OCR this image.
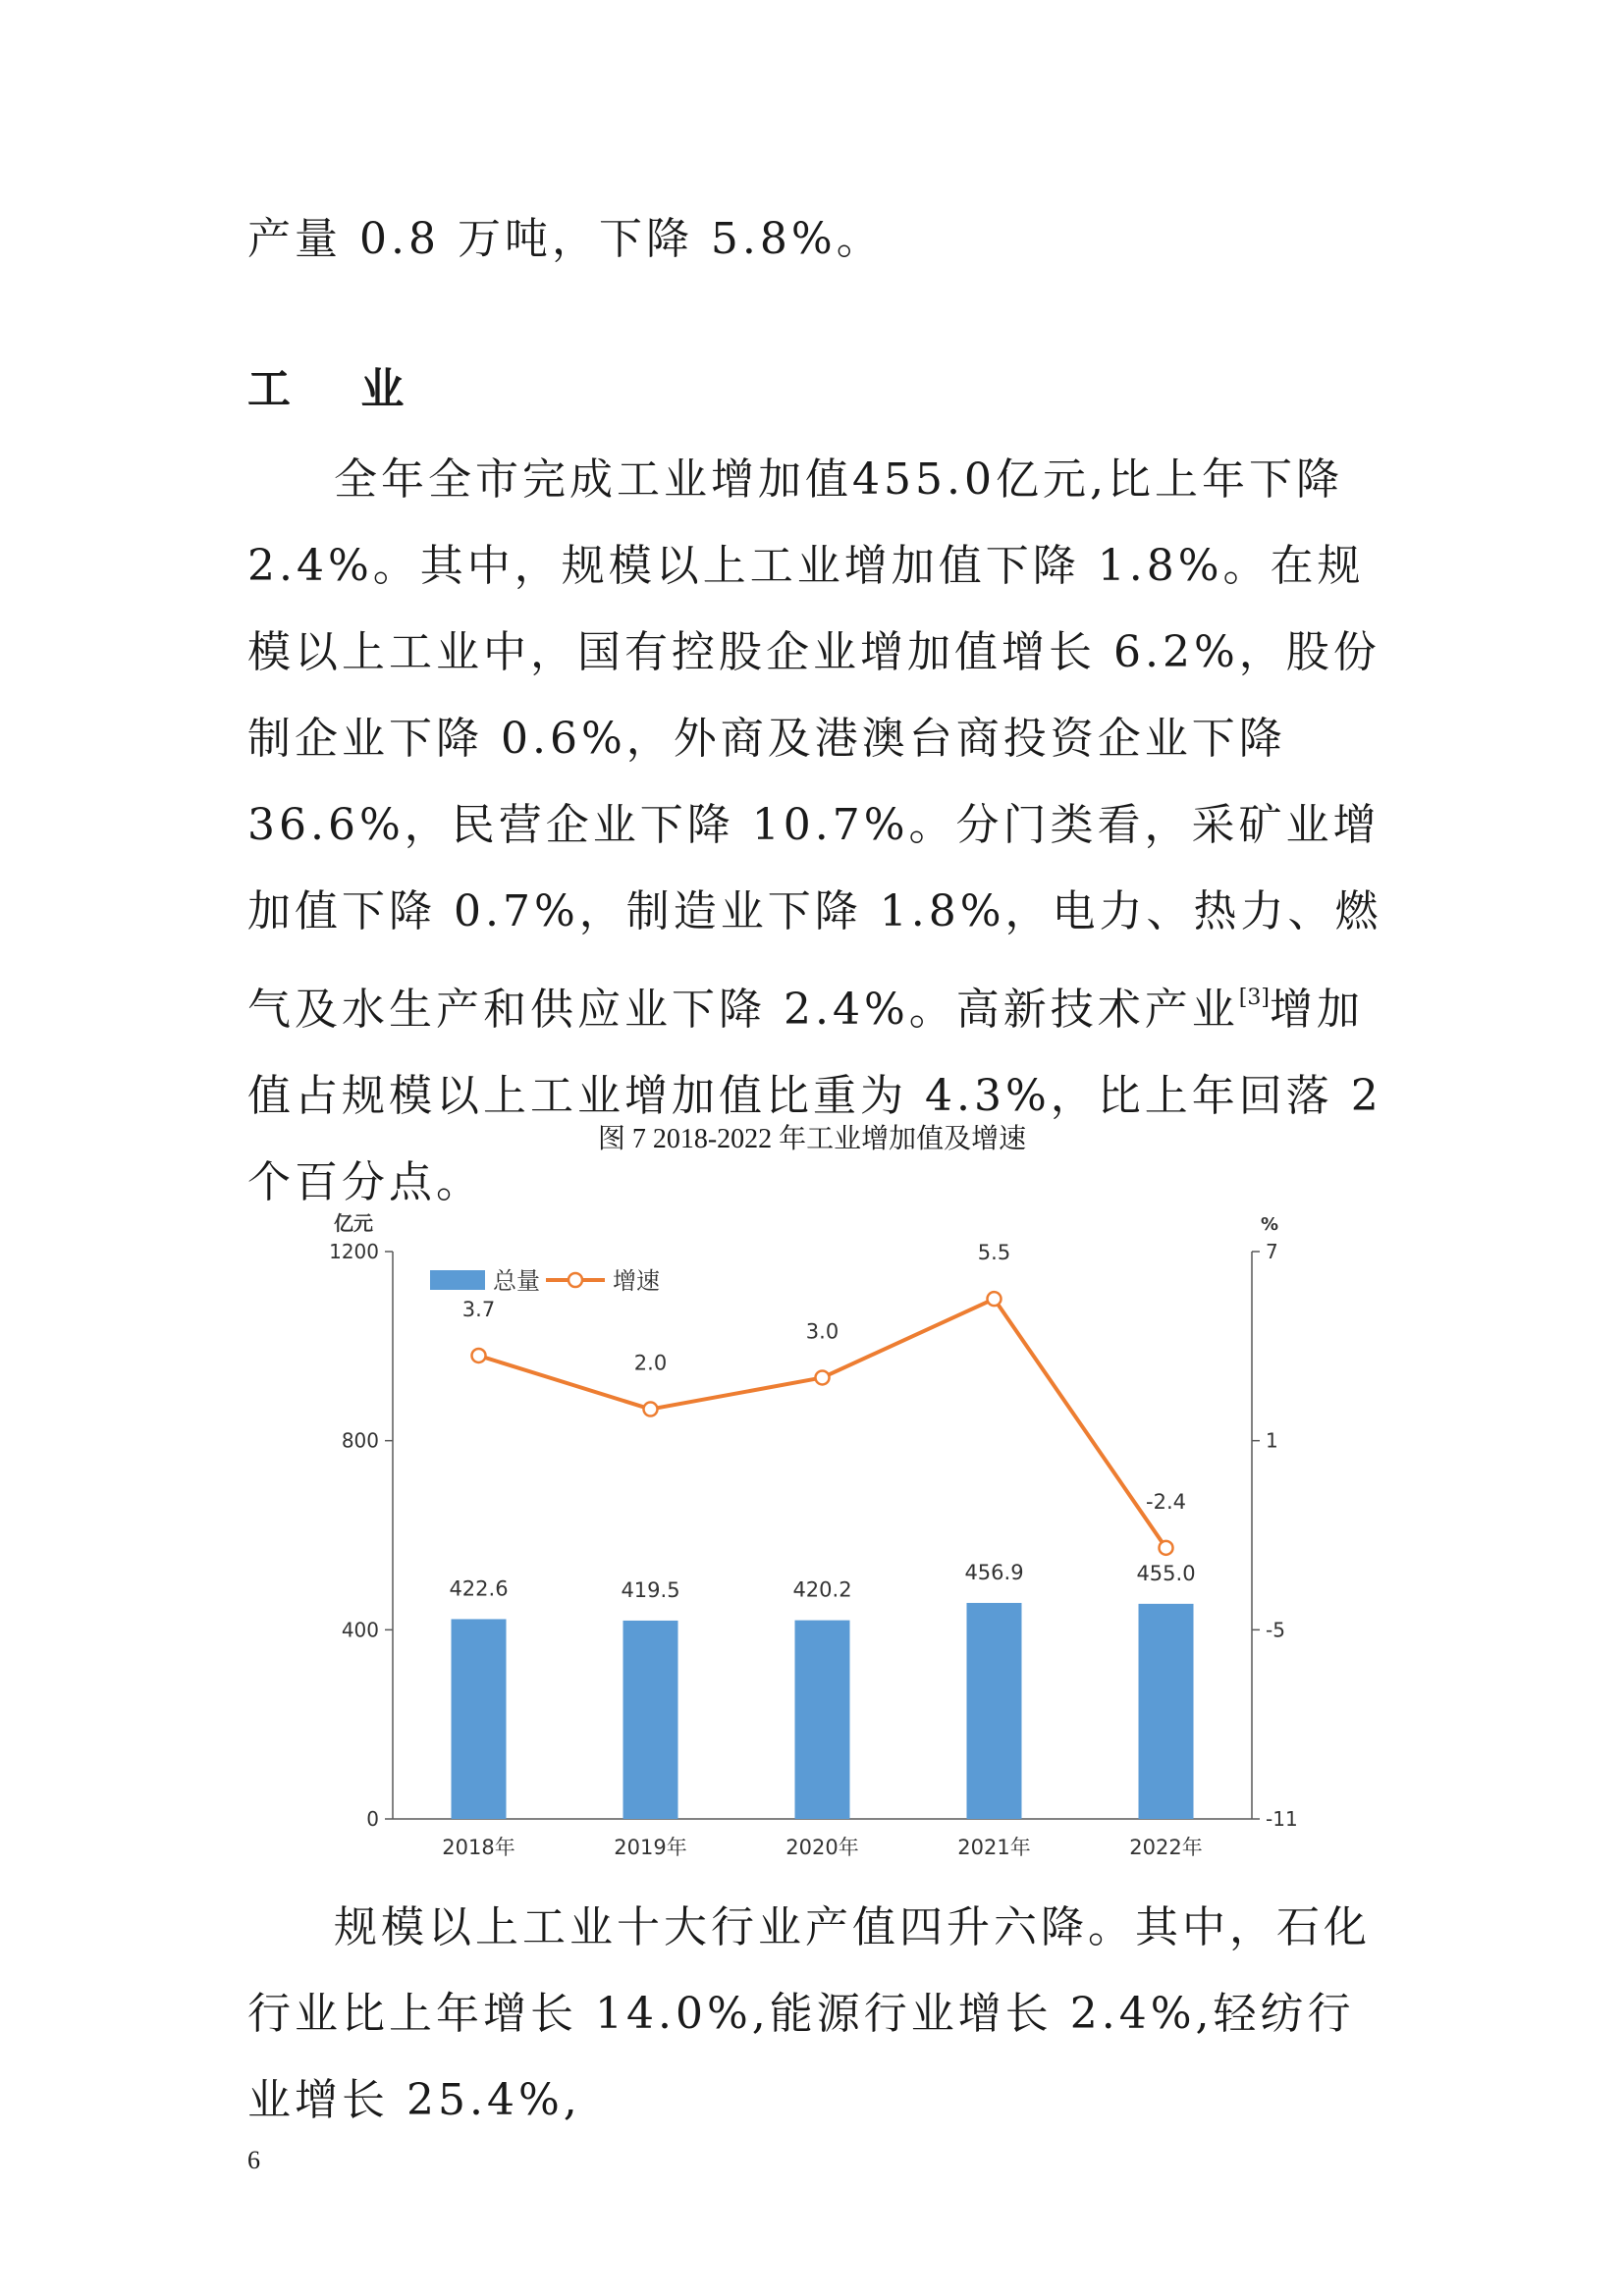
产量 0.8 万吨，下降 5.8%。

工 业

全年全市完成工业增加值455.0亿元,比上年下降2.4%。其中，规模以上工业增加值下降 1.8%。在规模以上工业中，国有控股企业增加值增长 6.2%，股份制企业下降 0.6%，外商及港澳台商投资企业下降 36.6%，民营企业下降 10.7%。分门类看，采矿业增加值下降 0.7%，制造业下降 1.8%，电力、热力、燃气及水生产和供应业下降 2.4%。高新技术产业[3]增加值占规模以上工业增加值比重为 4.3%，比上年回落 2 个百分点。

图 7 2018-2022 年工业增加值及增速

0
400
800
1200
-11
-5
1
7
亿元	%
422.6	419.5	420.2
456.9	455.0
2018年	2019年	2020年	2021年	2022年
3.7
2.0
3.0
5.5
-2.4
总量	增速

规模以上工业十大行业产值四升六降。其中，石化行业比上年增长 14.0%,能源行业增长 2.4%,轻纺行业增长 25.4%,

6
